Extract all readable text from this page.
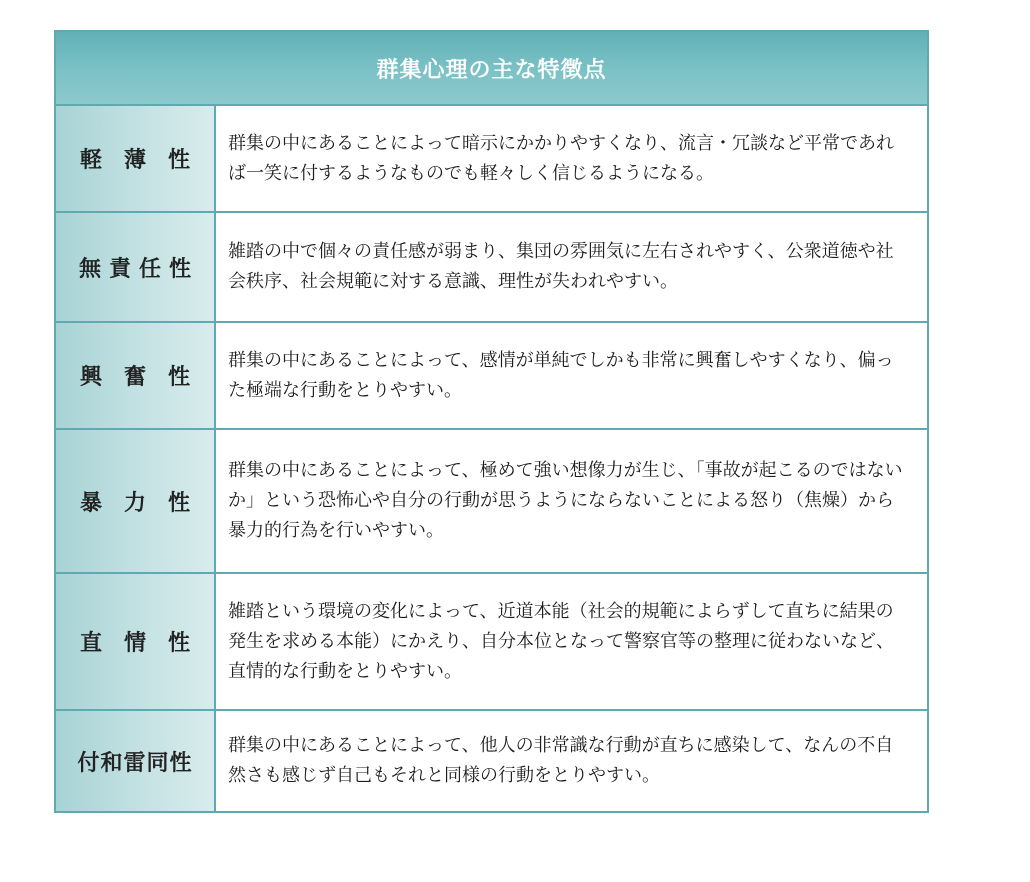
群集心理の主な特徴点
軽薄性
群集の中にあることによって暗示にかかりやすくなり、流言・冗談など平常であれば一笑に付するようなものでも軽々しく信じるようになる。
無責任性
雑踏の中で個々の責任感が弱まり、集団の雰囲気に左右されやすく、公衆道徳や社会秩序、社会規範に対する意識、理性が失われやすい。
興奮性
群集の中にあることによって、感情が単純でしかも非常に興奮しやすくなり、偏った極端な行動をとりやすい。
暴力性
群集の中にあることによって、極めて強い想像力が生じ、「事故が起こるのではないか」という恐怖心や自分の行動が思うようにならないことによる怒り（焦燥）から暴力的行為を行いやすい。
直情性
雑踏という環境の変化によって、近道本能（社会的規範によらずして直ちに結果の発生を求める本能）にかえり、自分本位となって警察官等の整理に従わないなど、直情的な行動をとりやすい。
付和雷同性
群集の中にあることによって、他人の非常識な行動が直ちに感染して、なんの不自然さも感じず自己もそれと同様の行動をとりやすい。
